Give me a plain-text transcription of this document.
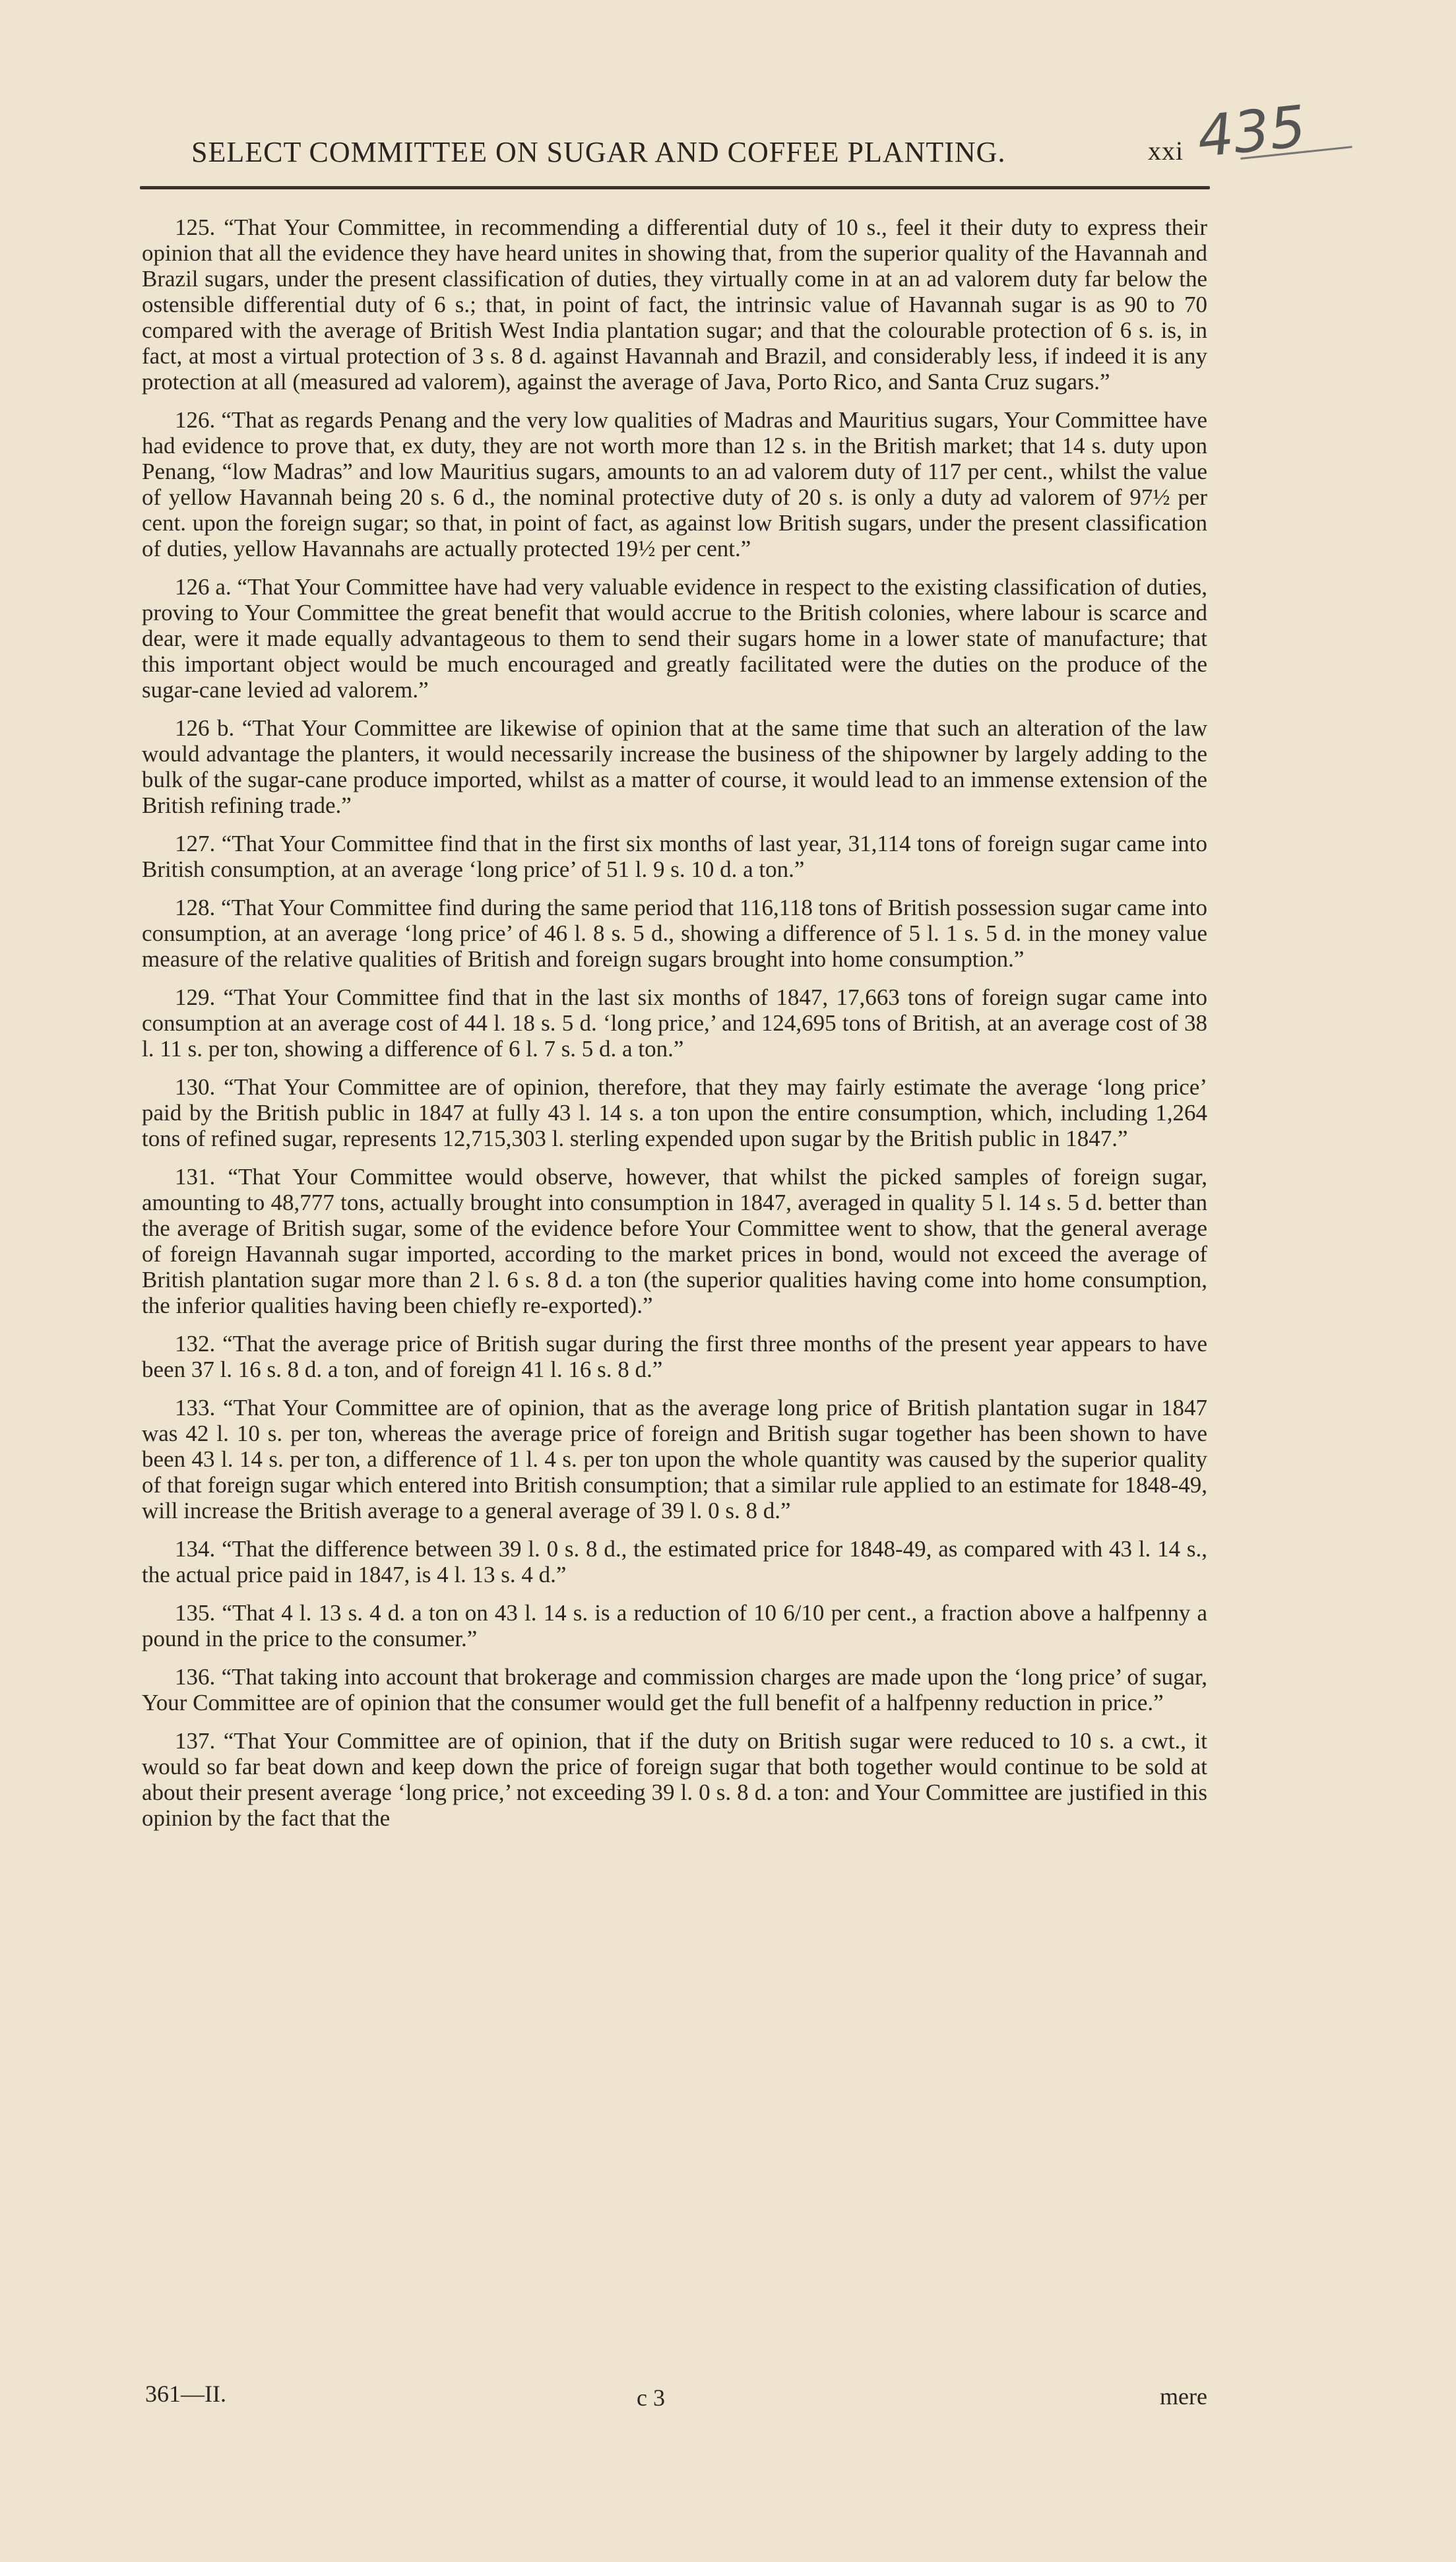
SELECT COMMITTEE ON SUGAR AND COFFEE PLANTING.	xxi 435

125. “That Your Committee, in recommending a differential duty of 10 s., feel it their duty to express their opinion that all the evidence they have heard unites in showing that, from the superior quality of the Havannah and Brazil sugars, under the present classification of duties, they virtually come in at an ad valorem duty far below the ostensible differential duty of 6 s.; that, in point of fact, the intrinsic value of Havannah sugar is as 90 to 70 compared with the average of British West India plantation sugar; and that the colourable protection of 6 s. is, in fact, at most a virtual protection of 3 s. 8 d. against Havannah and Brazil, and considerably less, if indeed it is any protection at all (measured ad valorem), against the average of Java, Porto Rico, and Santa Cruz sugars.”

126. “That as regards Penang and the very low qualities of Madras and Mauritius sugars, Your Committee have had evidence to prove that, ex duty, they are not worth more than 12 s. in the British market; that 14 s. duty upon Penang, “low Madras” and low Mauritius sugars, amounts to an ad valorem duty of 117 per cent., whilst the value of yellow Havannah being 20 s. 6 d., the nominal protective duty of 20 s. is only a duty ad valorem of 97½ per cent. upon the foreign sugar; so that, in point of fact, as against low British sugars, under the present classification of duties, yellow Havannahs are actually protected 19½ per cent.”

126 a. “That Your Committee have had very valuable evidence in respect to the existing classification of duties, proving to Your Committee the great benefit that would accrue to the British colonies, where labour is scarce and dear, were it made equally advantageous to them to send their sugars home in a lower state of manufacture; that this important object would be much encouraged and greatly facilitated were the duties on the produce of the sugar-cane levied ad valorem.”

126 b. “That Your Committee are likewise of opinion that at the same time that such an alteration of the law would advantage the planters, it would necessarily increase the business of the shipowner by largely adding to the bulk of the sugar-cane produce imported, whilst as a matter of course, it would lead to an immense extension of the British refining trade.”

127. “That Your Committee find that in the first six months of last year, 31,114 tons of foreign sugar came into British consumption, at an average ‘long price’ of 51 l. 9 s. 10 d. a ton.”

128. “That Your Committee find during the same period that 116,118 tons of British possession sugar came into consumption, at an average ‘long price’ of 46 l. 8 s. 5 d., showing a difference of 5 l. 1 s. 5 d. in the money value measure of the relative qualities of British and foreign sugars brought into home consumption.”

129. “That Your Committee find that in the last six months of 1847, 17,663 tons of foreign sugar came into consumption at an average cost of 44 l. 18 s. 5 d. ‘long price,’ and 124,695 tons of British, at an average cost of 38 l. 11 s. per ton, showing a difference of 6 l. 7 s. 5 d. a ton.”

130. “That Your Committee are of opinion, therefore, that they may fairly estimate the average ‘long price’ paid by the British public in 1847 at fully 43 l. 14 s. a ton upon the entire consumption, which, including 1,264 tons of refined sugar, represents 12,715,303 l. sterling expended upon sugar by the British public in 1847.”

131. “That Your Committee would observe, however, that whilst the picked samples of foreign sugar, amounting to 48,777 tons, actually brought into consumption in 1847, averaged in quality 5 l. 14 s. 5 d. better than the average of British sugar, some of the evidence before Your Committee went to show, that the general average of foreign Havannah sugar imported, according to the market prices in bond, would not exceed the average of British plantation sugar more than 2 l. 6 s. 8 d. a ton (the superior qualities having come into home consumption, the inferior qualities having been chiefly re-exported).”

132. “That the average price of British sugar during the first three months of the present year appears to have been 37 l. 16 s. 8 d. a ton, and of foreign 41 l. 16 s. 8 d.”

133. “That Your Committee are of opinion, that as the average long price of British plantation sugar in 1847 was 42 l. 10 s. per ton, whereas the average price of foreign and British sugar together has been shown to have been 43 l. 14 s. per ton, a difference of 1 l. 4 s. per ton upon the whole quantity was caused by the superior quality of that foreign sugar which entered into British consumption; that a similar rule applied to an estimate for 1848-49, will increase the British average to a general average of 39 l. 0 s. 8 d.”

134. “That the difference between 39 l. 0 s. 8 d., the estimated price for 1848-49, as compared with 43 l. 14 s., the actual price paid in 1847, is 4 l. 13 s. 4 d.”

135. “That 4 l. 13 s. 4 d. a ton on 43 l. 14 s. is a reduction of 10 6/10 per cent., a fraction above a halfpenny a pound in the price to the consumer.”

136. “That taking into account that brokerage and commission charges are made upon the ‘long price’ of sugar, Your Committee are of opinion that the consumer would get the full benefit of a halfpenny reduction in price.”

137. “That Your Committee are of opinion, that if the duty on British sugar were reduced to 10 s. a cwt., it would so far beat down and keep down the price of foreign sugar that both together would continue to be sold at about their present average ‘long price,’ not exceeding 39 l. 0 s. 8 d. a ton: and Your Committee are justified in this opinion by the fact that the

361—II.	c 3	mere
